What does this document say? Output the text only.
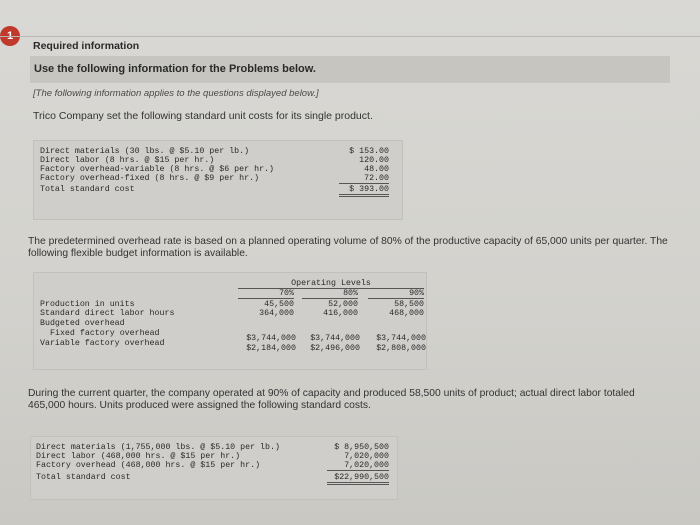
Required information
Use the following information for the Problems below.
[The following information applies to the questions displayed below.]
Trico Company set the following standard unit costs for its single product.
Direct materials (30 lbs. @ $5.10 per lb.)	$ 153.00
Direct labor (8 hrs. @ $15 per hr.)	120.00
Factory overhead-variable (8 hrs. @ $6 per hr.)	48.00
Factory overhead-fixed (8 hrs. @ $9 per hr.)	72.00
Total standard cost	$ 393.00
The predetermined overhead rate is based on a planned operating volume of 80% of the productive capacity of 65,000 units per quarter. The following flexible budget information is available.
Operating Levels
70%	80%	90%
Production in units	45,500	52,000	58,500
Standard direct labor hours	364,000	416,000	468,000
Budgeted overhead
Fixed factory overhead
$3,744,000	$3,744,000	$3,744,000
Variable factory overhead
$2,184,000	$2,496,000	$2,808,000
During the current quarter, the company operated at 90% of capacity and produced 58,500 units of product; actual direct labor totaled 465,000 hours. Units produced were assigned the following standard costs.
Direct materials (1,755,000 lbs. @ $5.10 per lb.)	$ 8,950,500
Direct labor (468,000 hrs. @ $15 per hr.)	7,020,000
Factory overhead (468,000 hrs. @ $15 per hr.)	7,020,000
Total standard cost	$22,990,500
